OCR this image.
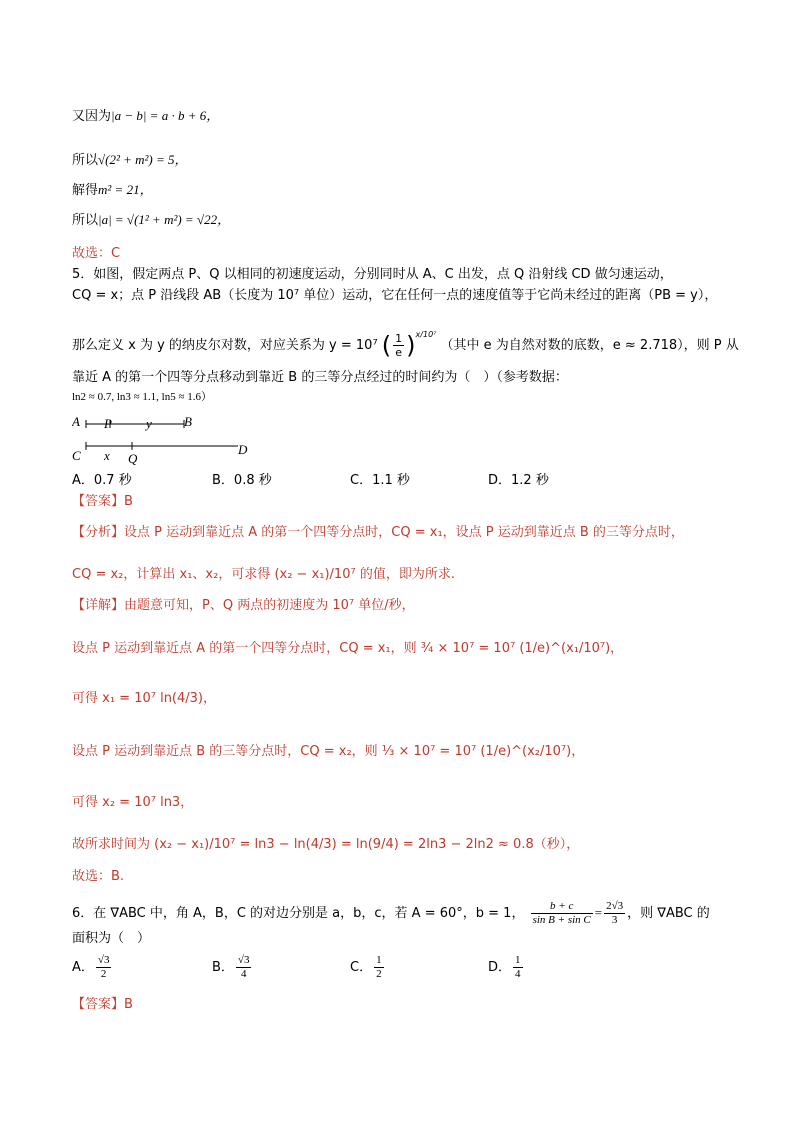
又因为|a − b| = a · b + 6，
所以√(2² + m²) = 5，
解得m² = 21，
所以|a| = √(1² + m²) = √22，
故选：C
5．如图，假定两点 P、Q 以相同的初速度运动，分别同时从 A、C 出发，点 Q 沿射线 CD 做匀速运动，
CQ = x；点 P 沿线段 AB（长度为 10⁷ 单位）运动，它在任何一点的速度值等于它尚未经过的距离（PB = y），
那么定义 x 为 y 的纳皮尔对数，对应关系为 y = 10⁷ ( $\frac{1}{e} )^{x/10^7}$ （其中 e 为自然对数的底数，e ≈ 2.718），则 P 从
靠近 A 的第一个四等分点移动到靠近 B 的三等分点经过的时间约为（　）（参考数据：
ln2 ≈ 0.7, ln3 ≈ 1.1, ln5 ≈ 1.6）
A P	y B
C x Q
D
A．0.7 秒	B．0.8 秒	C．1.1 秒	D．1.2 秒
【答案】B
【分析】设点 P 运动到靠近点 A 的第一个四等分点时，CQ = x₁，设点 P 运动到靠近点 B 的三等分点时，
CQ = x₂，计算出 x₁、x₂，可求得 (x₂ − x₁)/10⁷ 的值，即为所求.
【详解】由题意可知，P、Q 两点的初速度为 10⁷ 单位/秒，
设点 P 运动到靠近点 A 的第一个四等分点时，CQ = x₁，则 ¾ × 10⁷ = 10⁷ (1/e)^(x₁/10⁷)，
可得 x₁ = 10⁷ ln(4/3)，
设点 P 运动到靠近点 B 的三等分点时，CQ = x₂，则 ⅓ × 10⁷ = 10⁷ (1/e)^(x₂/10⁷)，
可得 x₂ = 10⁷ ln3，
故所求时间为 (x₂ − x₁)/10⁷ = ln3 − ln(4/3) = ln(9/4) = 2ln3 − 2ln2 ≈ 0.8（秒），
故选：B.
6．在 ∇ABC 中，角 A，B，C 的对边分别是 a，b，c，若 A = 60°，b = 1， $\frac{b + c}{\text{sin B + sin C}} = \frac{2√3}{3}$ ，则 ∇ABC 的
面积为（　）
A． $\frac{√3}{2}$	B． $\frac{√3}{4}$	C． $\frac{1}{2}$	D． $\frac{1}{4}$
【答案】B
